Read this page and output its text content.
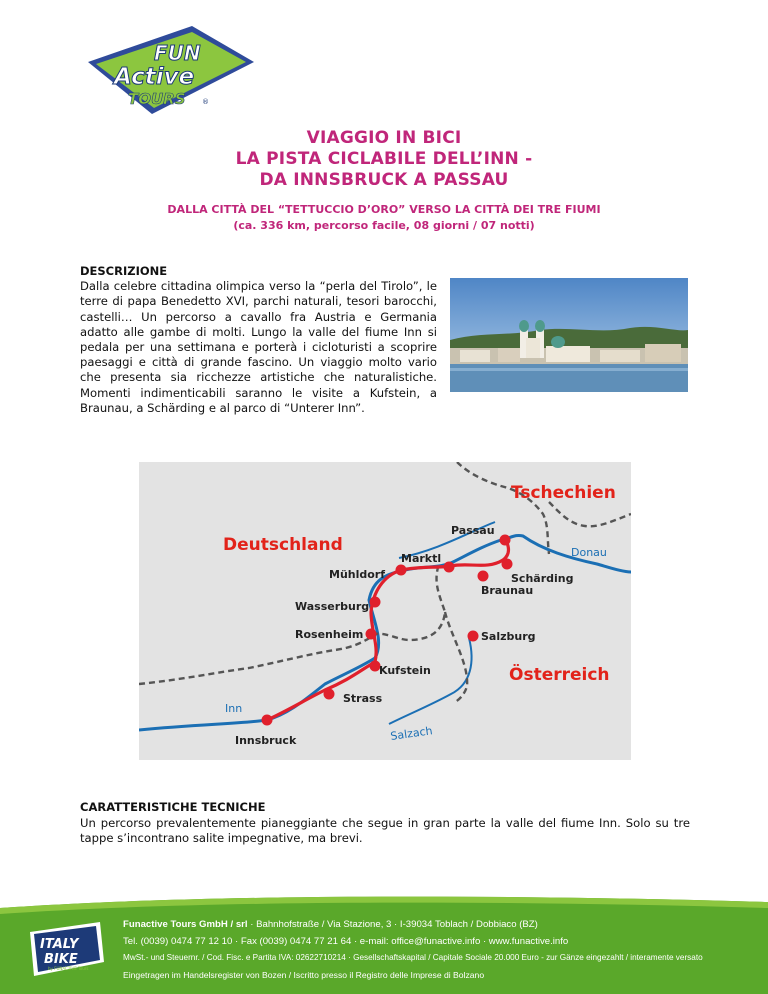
FUN
Active
TOURS ®
VIAGGIO IN BICI
LA PISTA CICLABILE DELL’INN -
DA INNSBRUCK A PASSAU
DALLA CITTÀ DEL “TETTUCCIO D’ORO” VERSO LA CITTÀ DEI TRE FIUMI
(ca. 336 km, percorso facile, 08 giorni / 07 notti)
DESCRIZIONE
Dalla celebre cittadina olimpica verso la “perla del Tirolo”, le terre di papa Benedetto XVI, parchi naturali, tesori barocchi, castelli… Un percorso a cavallo fra Austria e Germania adatto alle gambe di molti. Lungo la valle del fiume Inn si pedala per una settimana e porterà i cicloturisti a scoprire paesaggi e città di grande fascino. Un viaggio molto vario che presenta sia ricchezze artistiche che naturalistiche. Momenti indimenticabili saranno le visite a Kufstein, a Braunau, a Schärding e al parco di “Unterer Inn”.
Deutschland
Tschechien
Österreich
Donau
Inn
Salzach
Passau
Marktl
Mühldorf	Schärding
Braunau
Wasserburg
Rosenheim	Salzburg
Kufstein
Strass
Innsbruck
CARATTERISTICHE TECNICHE
Un percorso prevalentemente pianeggiante che segue in gran parte la valle del fiume Inn. Solo su tre tappe s’incontrano salite impegnative, ma brevi.
ITALY
BIKE
by FUNACTIVE Tours
Funactive Tours GmbH / srl · Bahnhofstraße / Via Stazione, 3 · I-39034 Toblach / Dobbiaco (BZ)
Tel. (0039) 0474 77 12 10 · Fax (0039) 0474 77 21 64 · e-mail: office@funactive.info · www.funactive.info
MwSt.- und Steuernr. / Cod. Fisc. e Partita IVA: 02622710214 · Gesellschaftskapital / Capitale Sociale 20.000 Euro - zur Gänze eingezahlt / interamente versato
Eingetragen im Handelsregister von Bozen / Iscritto presso il Registro delle Imprese di Bolzano
